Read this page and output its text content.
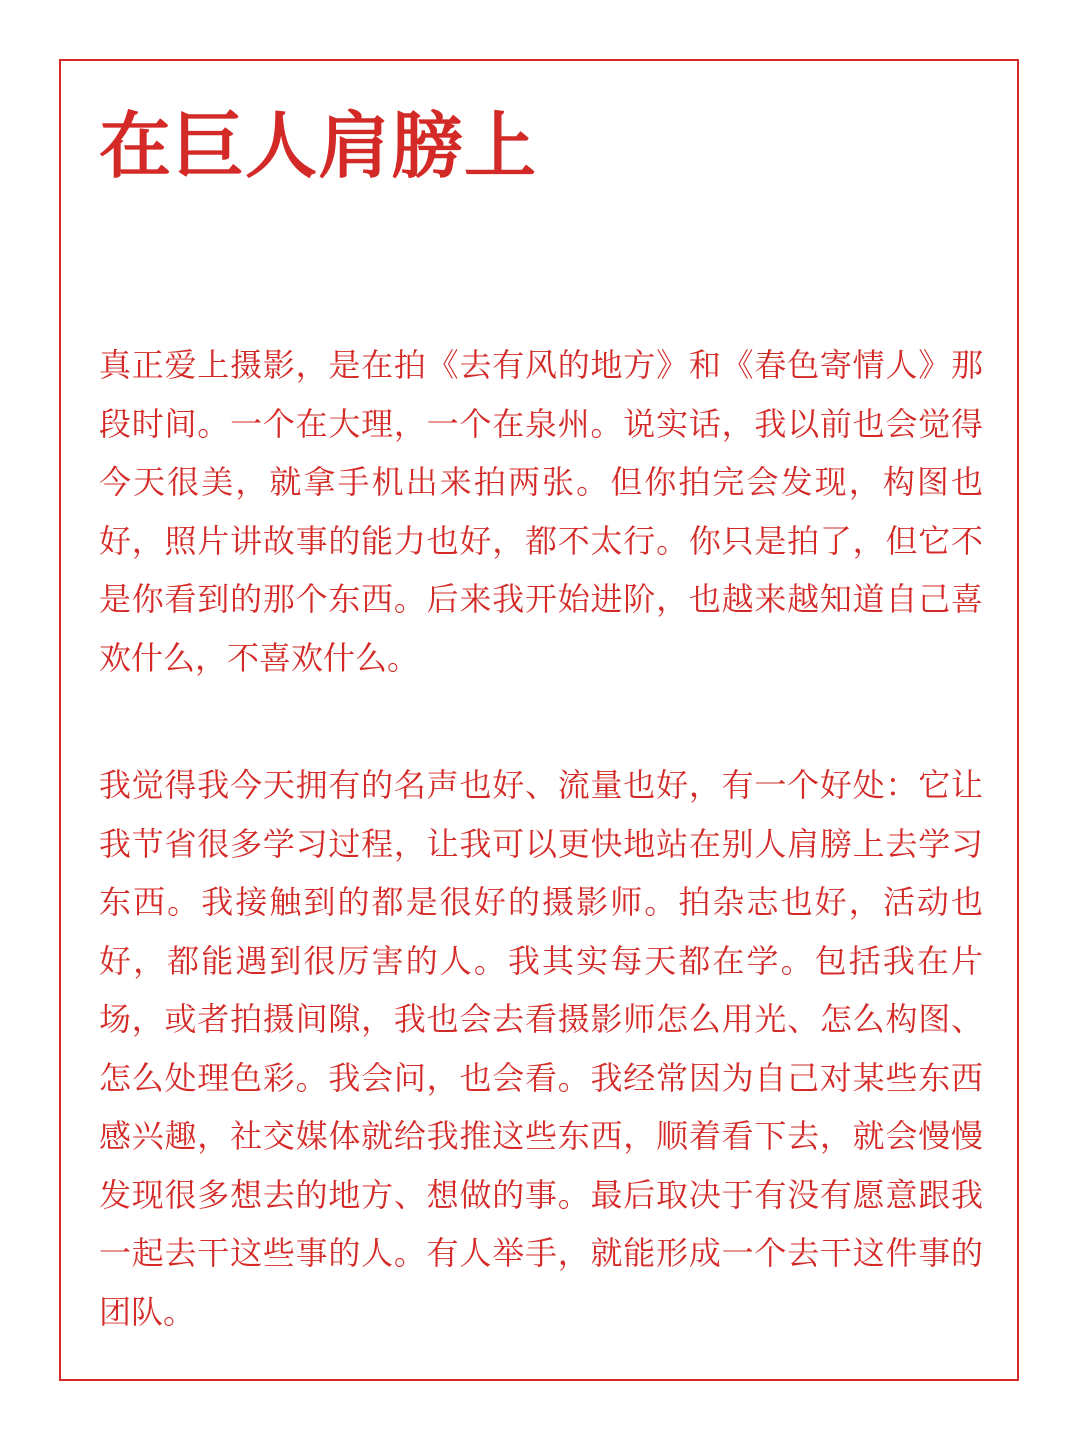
在巨人肩膀上

真正爱上摄影，是在拍《去有风的地方》和《春色寄情人》那段时间。一个在大理，一个在泉州。说实话，我以前也会觉得今天很美，就拿手机出来拍两张。但你拍完会发现，构图也好，照片讲故事的能力也好，都不太行。你只是拍了，但它不是你看到的那个东西。后来我开始进阶，也越来越知道自己喜欢什么，不喜欢什么。

我觉得我今天拥有的名声也好、流量也好，有一个好处：它让我节省很多学习过程，让我可以更快地站在别人肩膀上去学习东西。我接触到的都是很好的摄影师。拍杂志也好，活动也好，都能遇到很厉害的人。我其实每天都在学。包括我在片场，或者拍摄间隙，我也会去看摄影师怎么用光、怎么构图、怎么处理色彩。我会问，也会看。我经常因为自己对某些东西感兴趣，社交媒体就给我推这些东西，顺着看下去，就会慢慢发现很多想去的地方、想做的事。最后取决于有没有愿意跟我一起去干这些事的人。有人举手，就能形成一个去干这件事的团队。
